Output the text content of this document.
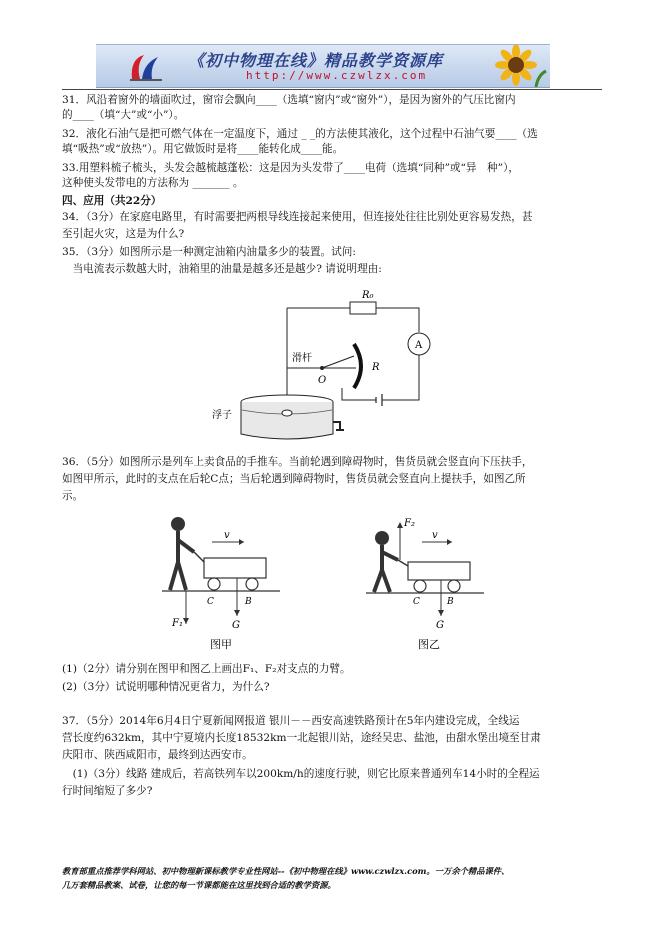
《初中物理在线》精品教学资源库
http://www.czwlzx.com
31．风沿着窗外的墙面吹过，窗帘会飘向____（选填“窗内”或“窗外”），是因为窗外的气压比窗内
的____（填“大”或“小”）。
32．液化石油气是把可燃气体在一定温度下，通过 _ _的方法使其液化，这个过程中石油气要____（选
填“吸热”或“放热”）。用它做饭时是将____能转化成____能。
33.用塑料梳子梳头，头发会越梳越蓬松：这是因为头发带了____电荷（选填“同种”或“异　种”），
这种使头发带电的方法称为 _______ 。
四、应用（共22分）
34．（3分）在家庭电路里，有时需要把两根导线连接起来使用，但连接处往往比别处更容易发热，甚
至引起火灾，这是为什么?
35．（3分）如图所示是一种测定油箱内油量多少的装置。试问:
　当电流表示数越大时，油箱里的油量是越多还是越少? 请说明理由:
R₀
滑杆
O
R
A
浮子
36．（5分）如图所示是列车上卖食品的手推车。当前轮遇到障碍物时，售货员就会竖直向下压扶手，
如图甲所示，此时的支点在后轮C点；当后轮遇到障碍物时，售货员就会竖直向上提扶手，如图乙所
示。
v
C	B
G
F₁
图甲
v
C	B
G
F₂
图乙
(1)（2分）请分别在图甲和图乙上画出F₁、F₂对支点的力臂。
(2)（3分）试说明哪种情况更省力，为什么?
37．（5分）2014年6月4日宁夏新闻网报道 银川－－西安高速铁路预计在5年内建设完成，全线运
营长度约632km，其中宁夏境内长度18532km一北起银川站，途经吴忠、盐池，由甜水堡出境至甘肃
庆阳市、陕西咸阳市，最终到达西安市。
　(1)（3分）线路 建成后，若高铁列车以200km/h的速度行驶，则它比原来普通列车14小时的全程运
行时间缩短了多少?
教育部重点推荐学科网站、初中物理新课标教学专业性网站--《初中物理在线》www.czwlzx.com。一万余个精品课件、
几万套精品教案、试卷，让您的每一节课都能在这里找到合适的教学资源。
